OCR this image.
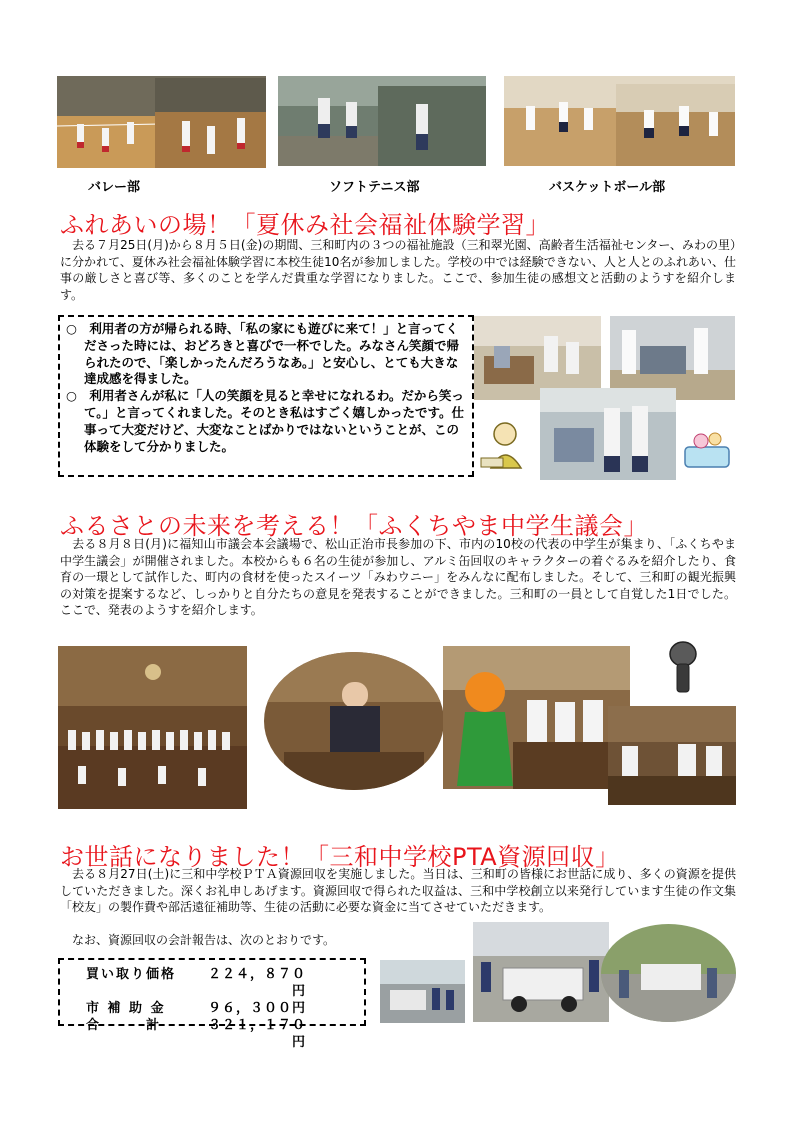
バレー部	ソフトテニス部	バスケットボール部
ふれあいの場！「夏休み社会福祉体験学習」
　去る７月25日(月)から８月５日(金)の期間、三和町内の３つの福祉施設（三和翠光園、高齢者生活福祉センター、みわの里）に分かれて、夏休み社会福祉体験学習に本校生徒10名が参加しました。学校の中では経験できない、人と人とのふれあい、仕事の厳しさと喜び等、多くのことを学んだ貴重な学習になりました。ここで、参加生徒の感想文と活動のようすを紹介します。

○　利用者の方が帰られる時、「私の家にも遊びに来て！」と言ってくださった時には、おどろきと喜びで一杯でした。みなさん笑顔で帰られたので、「楽しかったんだろうなあ。」と安心し、とても大きな達成感を得ました。

○　利用者さんが私に「人の笑顔を見ると幸せになれるわ。だから笑って。」と言ってくれました。そのとき私はすごく嬉しかったです。仕事って大変だけど、大変なことばかりではないということが、この体験をして分かりました。

ふるさとの未来を考える！「ふくちやま中学生議会」
　去る８月８日(月)に福知山市議会本会議場で、松山正治市長参加の下、市内の10校の代表の中学生が集まり、「ふくちやま中学生議会」が開催されました。本校からも６名の生徒が参加し、アルミ缶回収のキャラクターの着ぐるみを紹介したり、食育の一環として試作した、町内の食材を使ったスイーツ「みわウニー」をみんなに配布しました。そして、三和町の観光振興の対策を提案するなど、しっかりと自分たちの意見を発表することができました。三和町の一員として自覚した1日でした。ここで、発表のようすを紹介します。
お世話になりました！「三和中学校PTA資源回収」
　去る８月27日(土)に三和中学校ＰＴＡ資源回収を実施しました。当日は、三和町の皆様にお世話に成り、多くの資源を提供していただきました。深くお礼申しあげます。資源回収で得られた収益は、三和中学校創立以来発行しています生徒の作文集「校友」の製作費や部活遠征補助等、生徒の活動に必要な資金に当てさせていただきます。
　なお、資源回収の会計報告は、次のとおりです。
買い取り価格	２２４，８７０円
市 補 助 金	９６，３００円
合　　　計	３２１，１７０円
